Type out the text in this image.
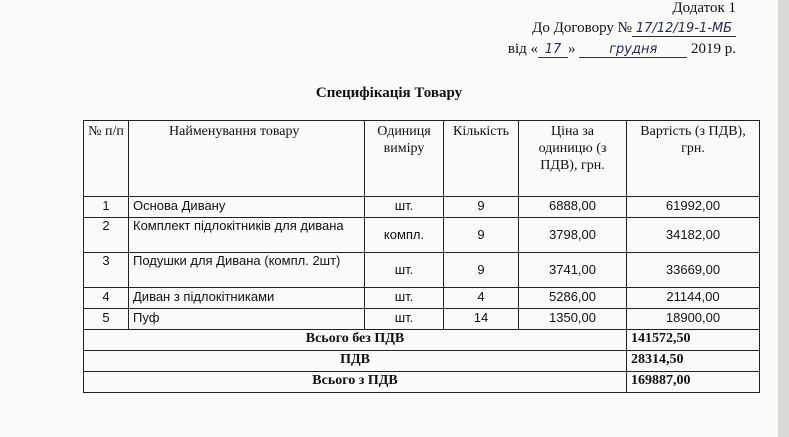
Додаток 1
До Договору № 17/12/19-1-МБ
від « 17 »	грудня 2019 р.
Специфікація Товару
№ п/п	Найменування товару	Одиниця виміру	Кількість	Ціна за одиницю (з ПДВ), грн.	Вартість (з ПДВ), грн.
1	Основа Дивану	шт.	9	6888,00	61992,00
2	Комплект підлокітників для дивана	компл.	9	3798,00	34182,00
3	Подушки для Дивана (компл. 2шт)	шт.	9	3741,00	33669,00
4	Диван з підлокітниками	шт.	4	5286,00	21144,00
5	Пуф	шт.	14	1350,00	18900,00
Всього без ПДВ					141572,50
ПДВ					28314,50
Всього з ПДВ					169887,00
